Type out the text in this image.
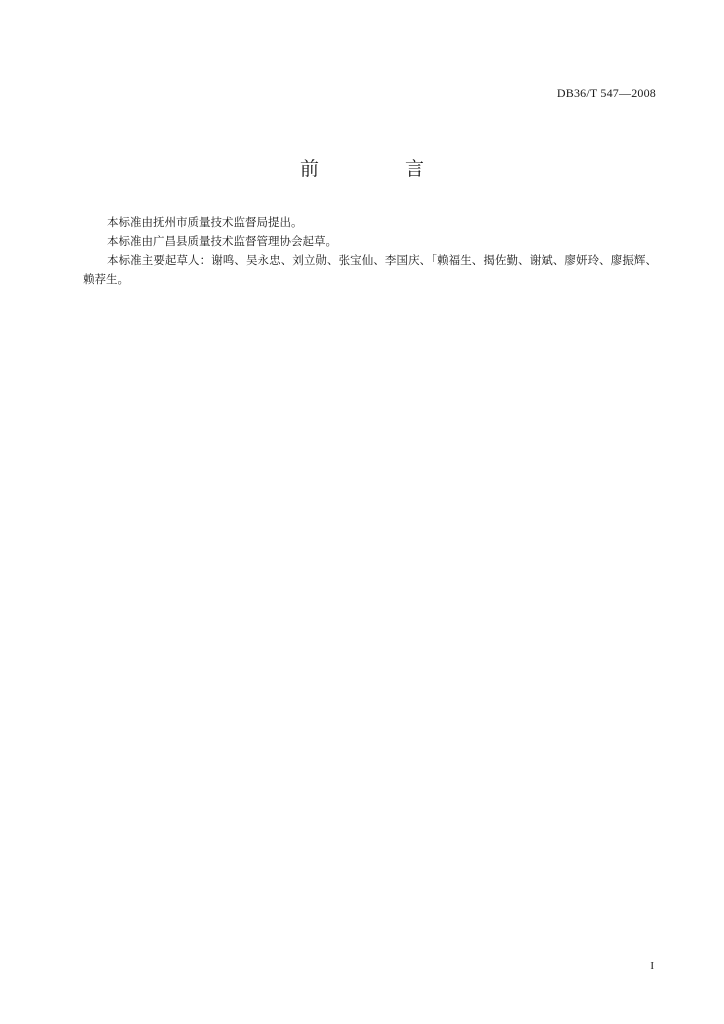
DB36/T 547—2008
前 言

本标准由抚州市质量技术监督局提出。

本标准由广昌县质量技术监督管理协会起草。

本标准主要起草人：谢鸣、吴永忠、刘立勋、张宝仙、李国庆、「赖福生、揭佐勤、谢斌、廖妍玲、廖振辉、赖荐生。

I
